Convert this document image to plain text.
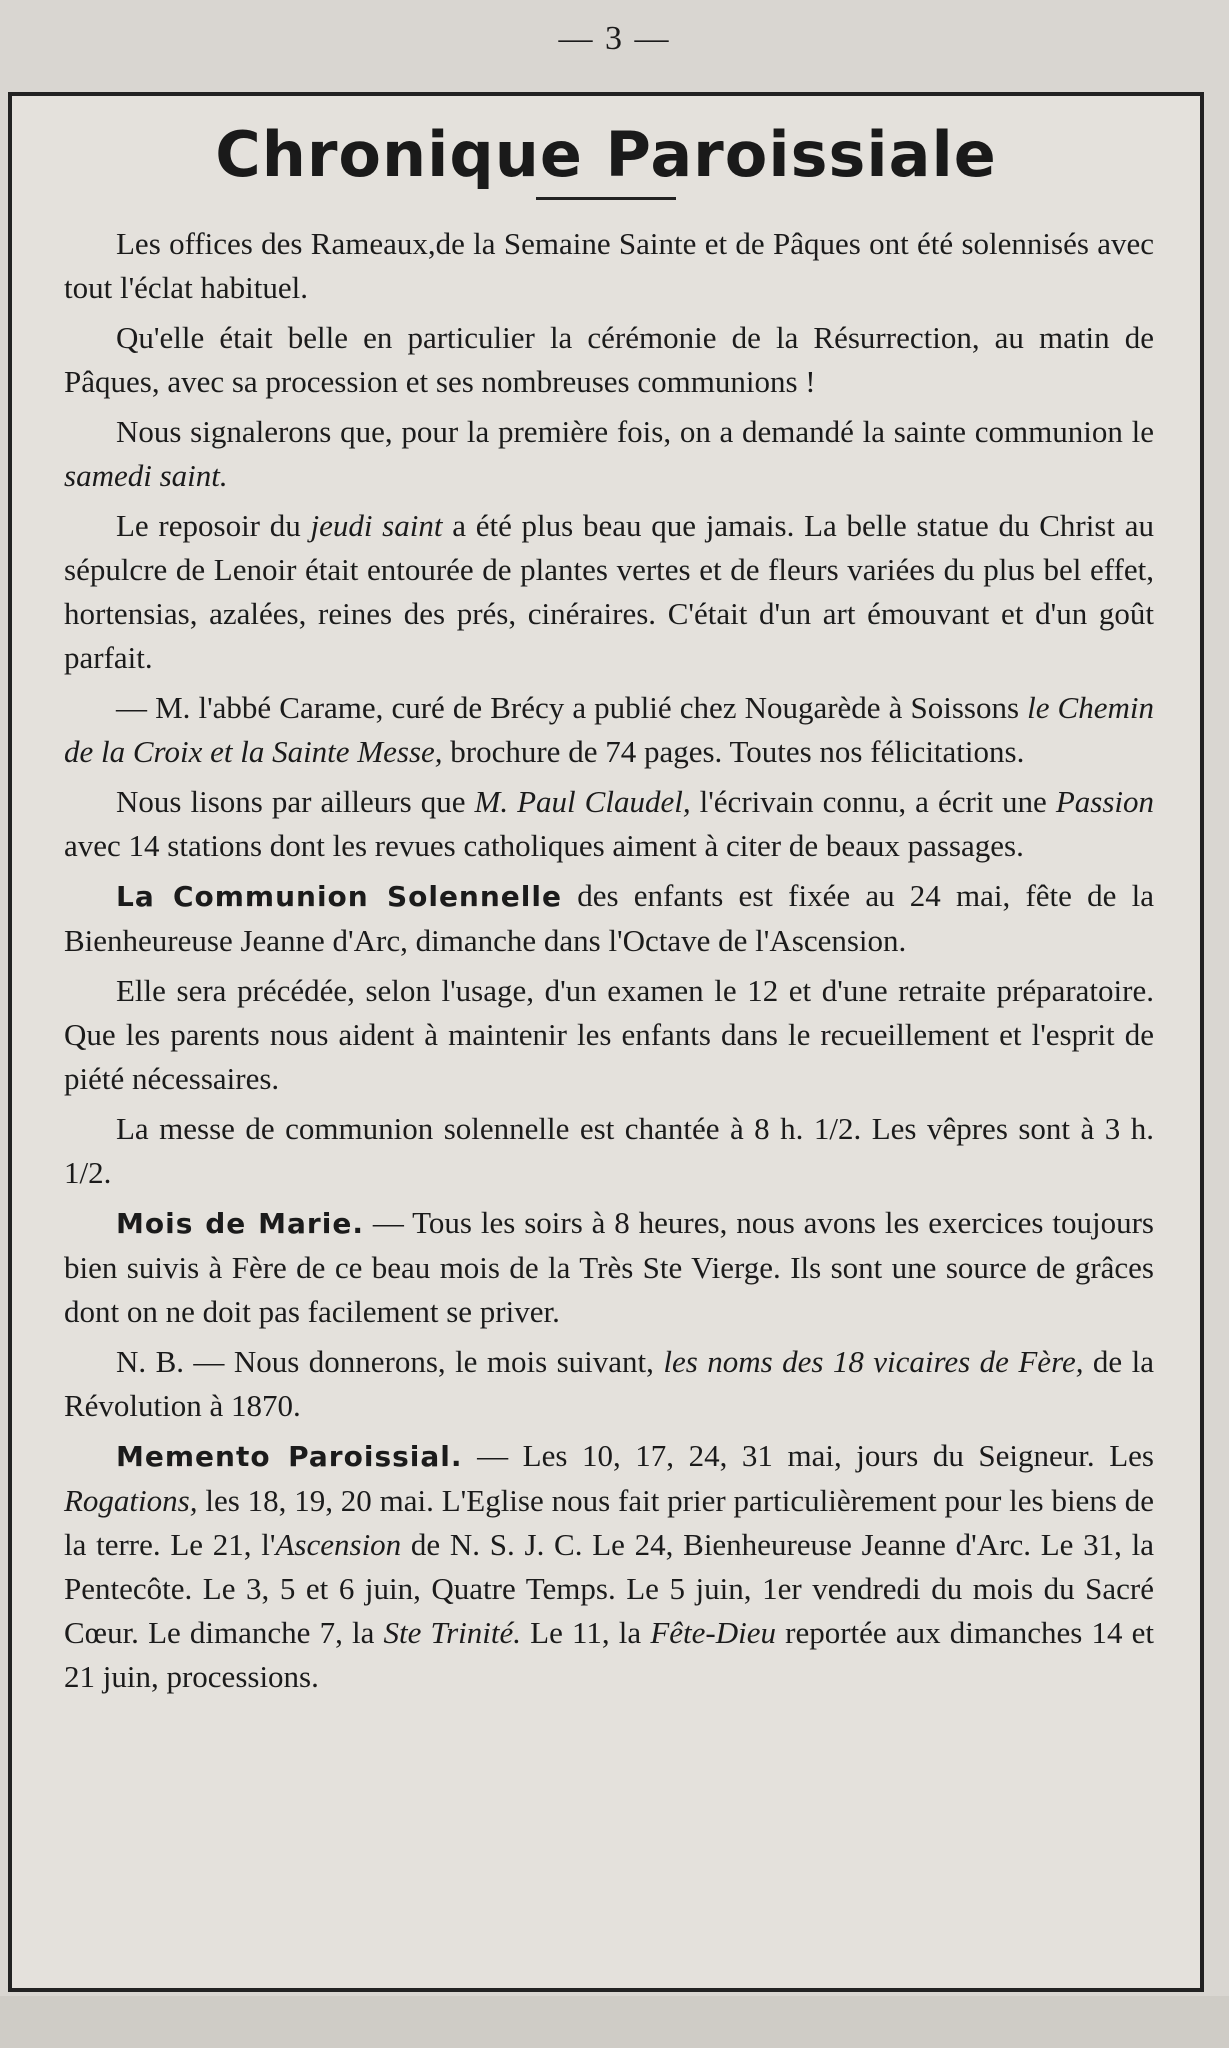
— 3 —
Chronique Paroissiale

Les offices des Rameaux,de la Semaine Sainte et de Pâques ont été solennisés avec tout l'éclat habituel.

Qu'elle était belle en particulier la cérémonie de la Résurrection, au matin de Pâques, avec sa procession et ses nombreuses communions !

Nous signalerons que, pour la première fois, on a demandé la sainte communion le samedi saint.

Le reposoir du jeudi saint a été plus beau que jamais. La belle statue du Christ au sépulcre de Lenoir était entourée de plantes vertes et de fleurs variées du plus bel effet, hortensias, azalées, reines des prés, cinéraires. C'était d'un art émouvant et d'un goût parfait.

— M. l'abbé Carame, curé de Brécy a publié chez Nougarède à Soissons le Chemin de la Croix et la Sainte Messe, brochure de 74 pages. Toutes nos félicitations.

Nous lisons par ailleurs que M. Paul Claudel, l'écrivain connu, a écrit une Passion avec 14 stations dont les revues catholiques aiment à citer de beaux passages.

La Communion Solennelle des enfants est fixée au 24 mai, fête de la Bienheureuse Jeanne d'Arc, dimanche dans l'Octave de l'Ascension.

Elle sera précédée, selon l'usage, d'un examen le 12 et d'une retraite préparatoire. Que les parents nous aident à maintenir les enfants dans le recueillement et l'esprit de piété nécessaires.

La messe de communion solennelle est chantée à 8 h. 1/2. Les vêpres sont à 3 h. 1/2.

Mois de Marie. — Tous les soirs à 8 heures, nous avons les exercices toujours bien suivis à Fère de ce beau mois de la Très Ste Vierge. Ils sont une source de grâces dont on ne doit pas facilement se priver.

N. B. — Nous donnerons, le mois suivant, les noms des 18 vicaires de Fère, de la Révolution à 1870.

Memento Paroissial. — Les 10, 17, 24, 31 mai, jours du Seigneur. Les Rogations, les 18, 19, 20 mai. L'Eglise nous fait prier particulièrement pour les biens de la terre. Le 21, l'Ascension de N. S. J. C. Le 24, Bienheureuse Jeanne d'Arc. Le 31, la Pentecôte. Le 3, 5 et 6 juin, Quatre Temps. Le 5 juin, 1er vendredi du mois du Sacré Cœur. Le dimanche 7, la Ste Trinité. Le 11, la Fête-Dieu reportée aux dimanches 14 et 21 juin, processions.
